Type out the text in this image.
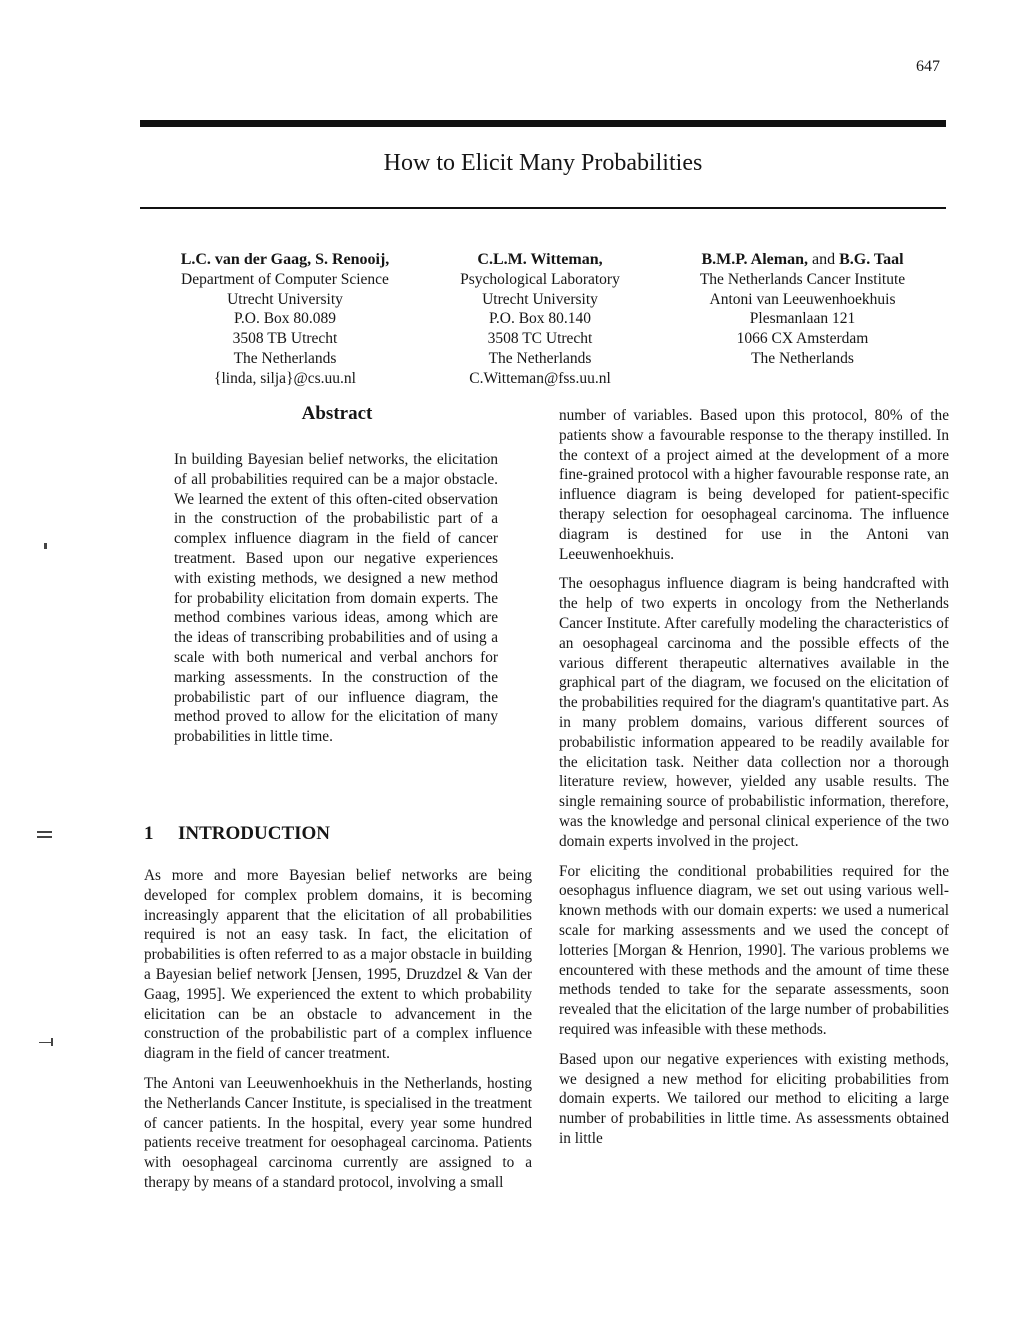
647
How to Elicit Many Probabilities
L.C. van der Gaag, S. Renooij,
Department of Computer Science
Utrecht University
P.O. Box 80.089
3508 TB Utrecht
The Netherlands
{linda, silja}@cs.uu.nl
C.L.M. Witteman,
Psychological Laboratory
Utrecht University
P.O. Box 80.140
3508 TC Utrecht
The Netherlands
C.Witteman@fss.uu.nl
B.M.P. Aleman, and B.G. Taal
The Netherlands Cancer Institute
Antoni van Leeuwenhoekhuis
Plesmanlaan 121
1066 CX Amsterdam
The Netherlands
Abstract

In building Bayesian belief networks, the elicitation of all probabilities required can be a major obstacle. We learned the extent of this often-cited observation in the construction of the probabilistic part of a complex influence diagram in the field of cancer treatment. Based upon our negative experiences with existing methods, we designed a new method for probability elicitation from domain experts. The method combines various ideas, among which are the ideas of transcribing probabilities and of using a scale with both numerical and verbal anchors for marking assessments. In the construction of the probabilistic part of our influence diagram, the method proved to allow for the elicitation of many probabilities in little time.

1 INTRODUCTION

As more and more Bayesian belief networks are being developed for complex problem domains, it is becoming increasingly apparent that the elicitation of all probabilities required is not an easy task. In fact, the elicitation of probabilities is often referred to as a major obstacle in building a Bayesian belief network [Jensen, 1995, Druzdzel & Van der Gaag, 1995]. We experienced the extent to which probability elicitation can be an obstacle to advancement in the construction of the probabilistic part of a complex influence diagram in the field of cancer treatment.

The Antoni van Leeuwenhoekhuis in the Netherlands, hosting the Netherlands Cancer Institute, is specialised in the treatment of cancer patients. In the hospital, every year some hundred patients receive treatment for oesophageal carcinoma. Patients with oesophageal carcinoma currently are assigned to a therapy by means of a standard protocol, involving a small

number of variables. Based upon this protocol, 80% of the patients show a favourable response to the therapy instilled. In the context of a project aimed at the development of a more fine-grained protocol with a higher favourable response rate, an influence diagram is being developed for patient-specific therapy selection for oesophageal carcinoma. The influence diagram is destined for use in the Antoni van Leeuwenhoekhuis.

The oesophagus influence diagram is being handcrafted with the help of two experts in oncology from the Netherlands Cancer Institute. After carefully modeling the characteristics of an oesophageal carcinoma and the possible effects of the various different therapeutic alternatives available in the graphical part of the diagram, we focused on the elicitation of the probabilities required for the diagram's quantitative part. As in many problem domains, various different sources of probabilistic information appeared to be readily available for the elicitation task. Neither data collection nor a thorough literature review, however, yielded any usable results. The single remaining source of probabilistic information, therefore, was the knowledge and personal clinical experience of the two domain experts involved in the project.

For eliciting the conditional probabilities required for the oesophagus influence diagram, we set out using various well-known methods with our domain experts: we used a numerical scale for marking assessments and we used the concept of lotteries [Morgan & Henrion, 1990]. The various problems we encountered with these methods and the amount of time these methods tended to take for the separate assessments, soon revealed that the elicitation of the large number of probabilities required was infeasible with these methods.

Based upon our negative experiences with existing methods, we designed a new method for eliciting probabilities from domain experts. We tailored our method to eliciting a large number of probabilities in little time. As assessments obtained in little
